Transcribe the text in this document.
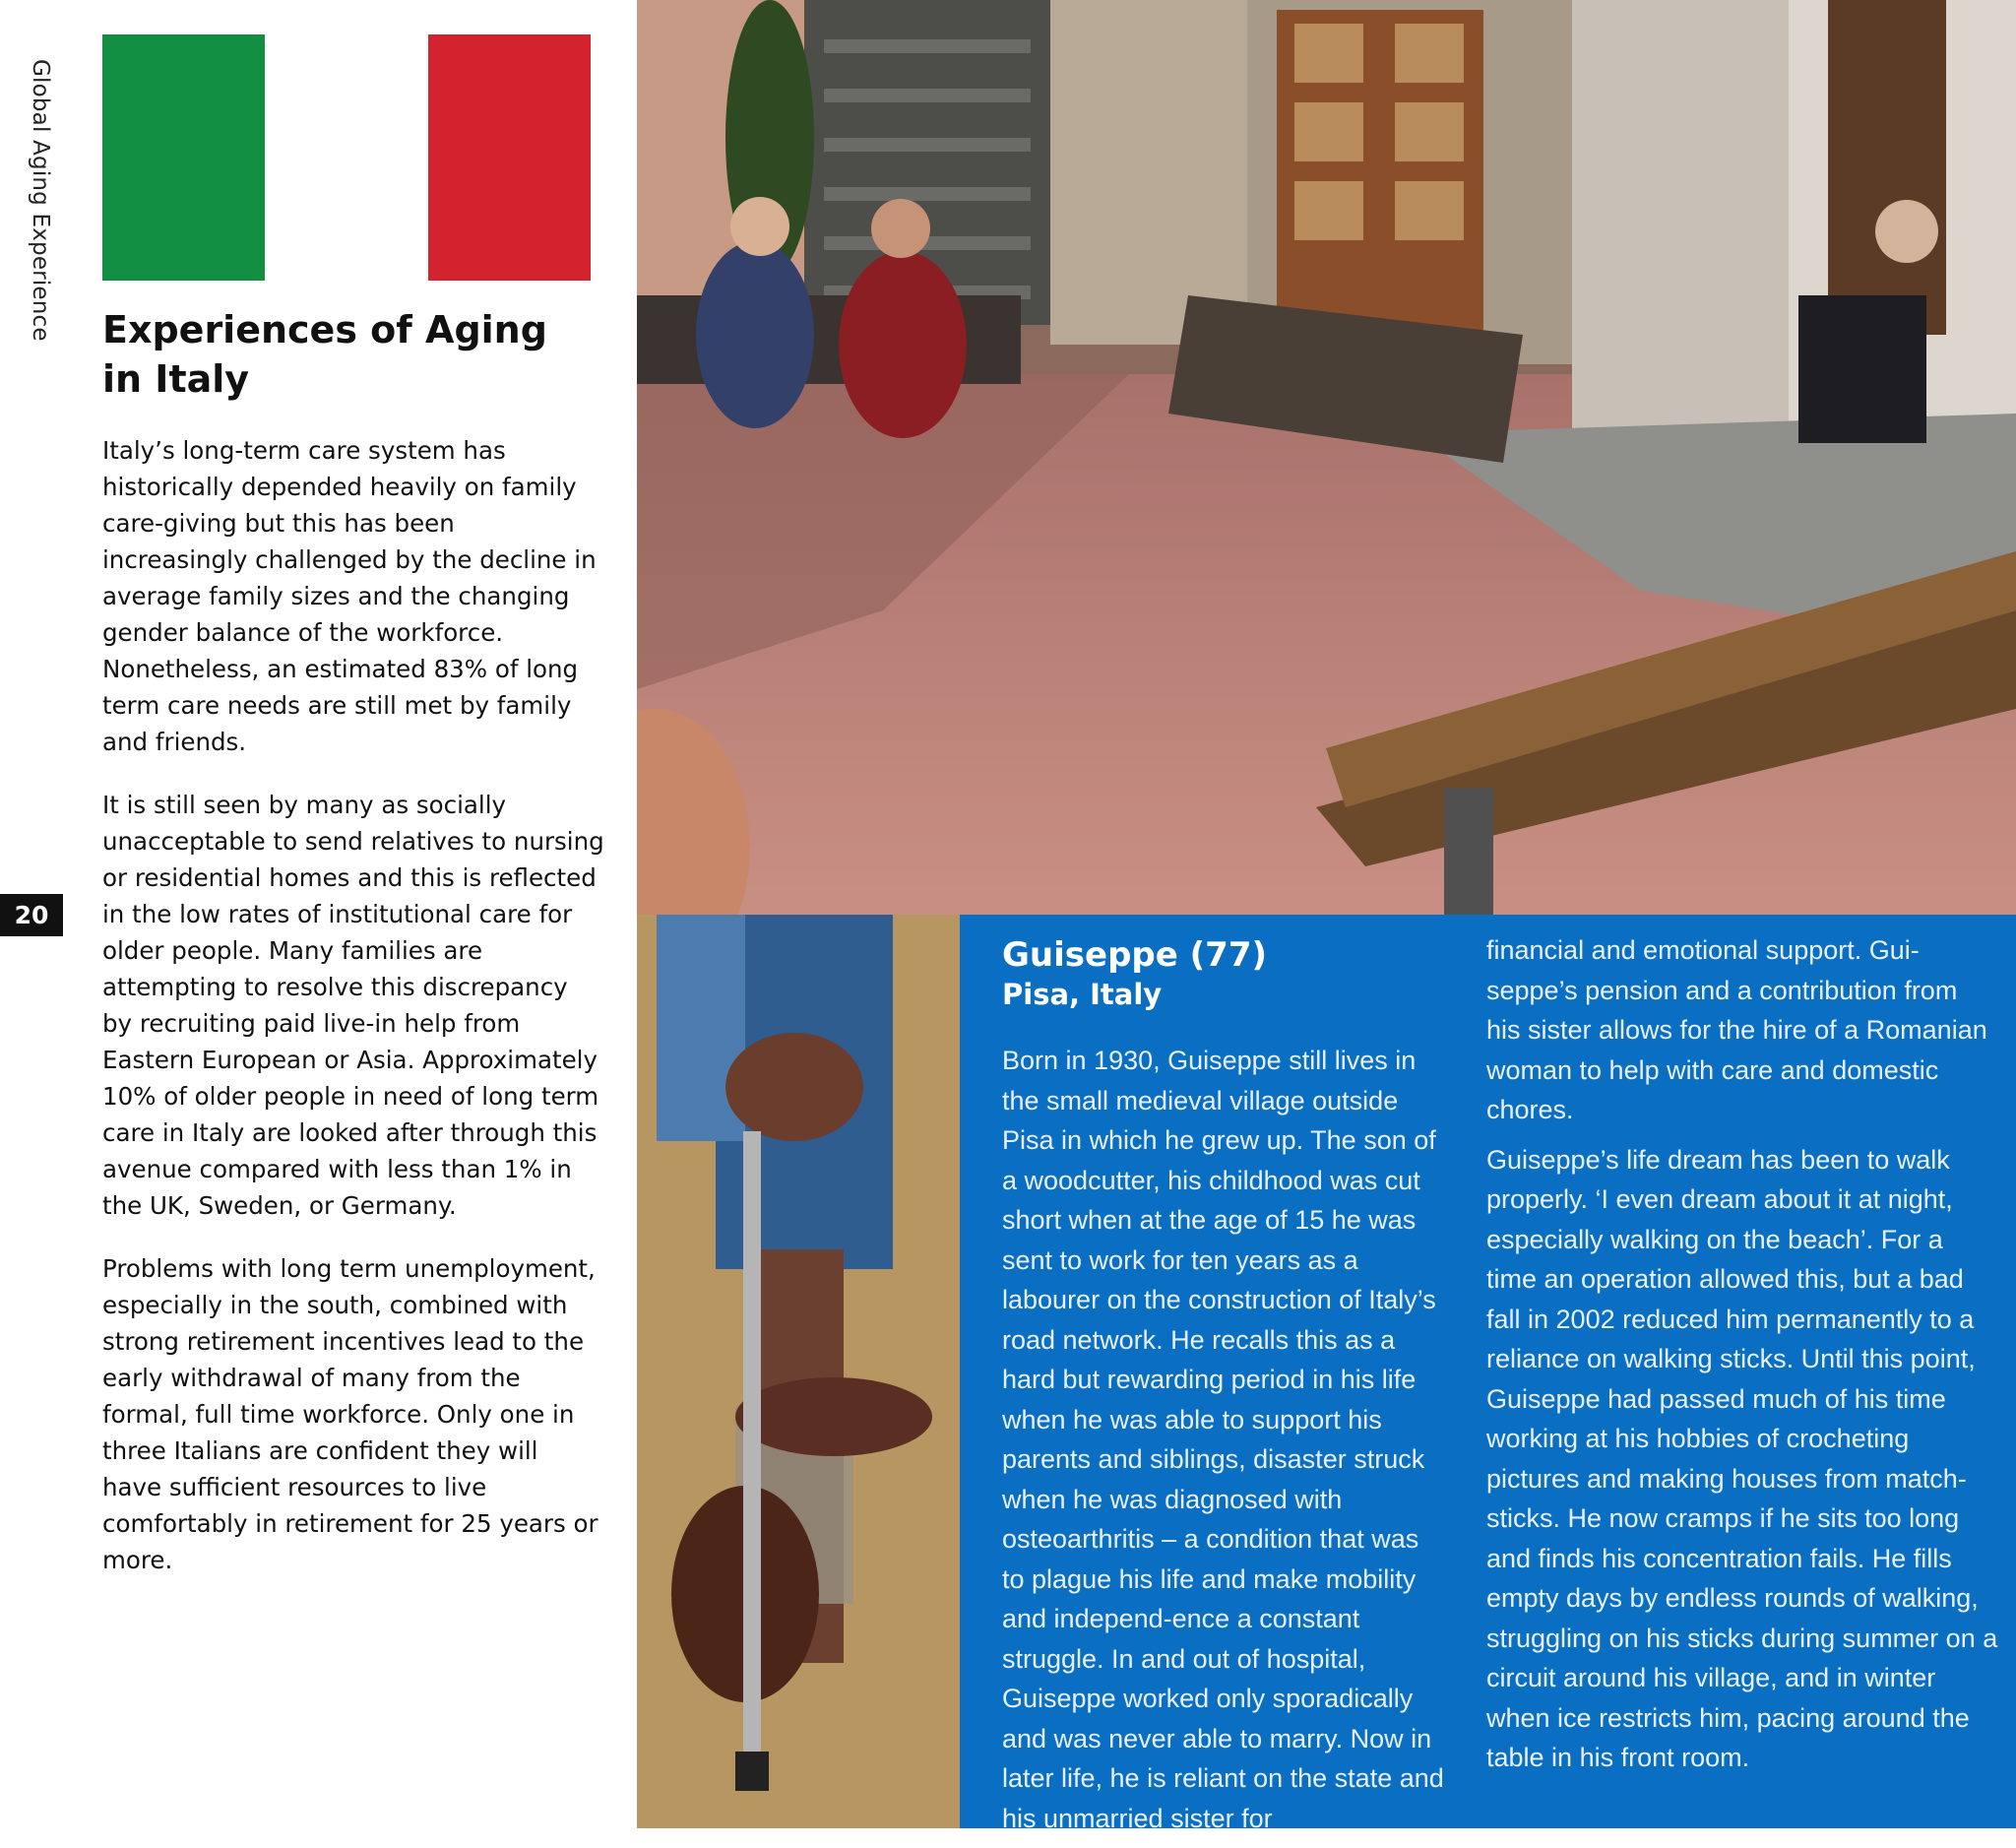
Global Aging Experience
20
Experiences of Aging
in Italy

Italy’s long-term care system has historically depended heavily on family care-giving but this has been increasingly challenged by the decline in average family sizes and the changing gender balance of the workforce. Nonetheless, an estimated 83% of long term care needs are still met by family and friends.

It is still seen by many as socially unacceptable to send relatives to nursing or residential homes and this is reflected in the low rates of institutional care for older people. Many families are attempting to resolve this discrepancy by recruiting paid live-in help from Eastern European or Asia. Approximately 10% of older people in need of long term care in Italy are looked after through this avenue compared with less than 1% in the UK, Sweden, or Germany.

Problems with long term unemployment, especially in the south, combined with strong retirement incentives lead to the early withdrawal of many from the formal, full time workforce. Only one in three Italians are confident they will have sufficient resources to live comfortably in retirement for 25 years or more.

Guiseppe (77)
Pisa, Italy

Born in 1930, Guiseppe still lives in the small medieval village outside Pisa in which he grew up. The son of a woodcutter, his childhood was cut short when at the age of 15 he was sent to work for ten years as a labourer on the construction of Italy’s road network. He recalls this as a hard but rewarding period in his life when he was able to support his parents and siblings, disaster struck when he was diagnosed with osteoarthritis – a condition that was to plague his life and make mobility and independ-ence a constant struggle. In and out of hospital, Guiseppe worked only sporadically and was never able to marry. Now in later life, he is reliant on the state and his unmarried sister for

financial and emotional support. Gui-seppe’s pension and a contribution from his sister allows for the hire of a Romanian woman to help with care and domestic chores.

Guiseppe’s life dream has been to walk properly. ‘I even dream about it at night, especially walking on the beach’. For a time an operation allowed this, but a bad fall in 2002 reduced him permanently to a reliance on walking sticks. Until this point, Guiseppe had passed much of his time working at his hobbies of crocheting pictures and making houses from match-sticks. He now cramps if he sits too long and finds his concentration fails. He fills empty days by endless rounds of walking, struggling on his sticks during summer on a circuit around his village, and in winter when ice restricts him, pacing around the table in his front room.
